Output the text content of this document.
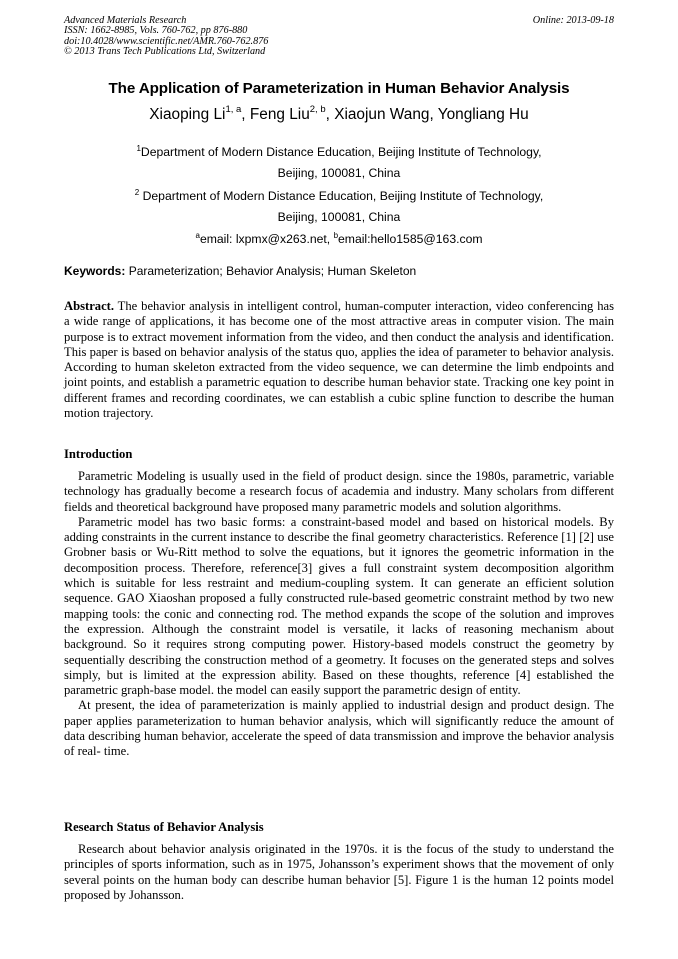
Advanced Materials Research
ISSN: 1662-8985, Vols. 760-762, pp 876-880
doi:10.4028/www.scientific.net/AMR.760-762.876
© 2013 Trans Tech Publications Ltd, Switzerland
Online: 2013-09-18
The Application of Parameterization in Human Behavior Analysis
Xiaoping Li$^{1, a}$, Feng Liu$^{2, b}$, Xiaojun Wang, Yongliang Hu
$^1$Department of Modern Distance Education, Beijing Institute of Technology,
Beijing, 100081, China
$^2$ Department of Modern Distance Education, Beijing Institute of Technology,
Beijing, 100081, China
$^a$email: lxpmx@x263.net, $^b$email:hello1585@163.com
Keywords: Parameterization; Behavior Analysis; Human Skeleton

Abstract. The behavior analysis in intelligent control, human-computer interaction, video conferencing has a wide range of applications, it has become one of the most attractive areas in computer vision. The main purpose is to extract movement information from the video, and then conduct the analysis and identification. This paper is based on behavior analysis of the status quo, applies the idea of parameter to behavior analysis. According to human skeleton extracted from the video sequence, we can determine the limb endpoints and joint points, and establish a parametric equation to describe human behavior state. Tracking one key point in different frames and recording coordinates, we can establish a cubic spline function to describe the human motion trajectory.

Introduction

Parametric Modeling is usually used in the field of product design. since the 1980s, parametric, variable technology has gradually become a research focus of academia and industry. Many scholars from different fields and theoretical background have proposed many parametric models and solution algorithms.

Parametric model has two basic forms: a constraint-based model and based on historical models. By adding constraints in the current instance to describe the final geometry characteristics. Reference [1] [2] use Grobner basis or Wu-Ritt method to solve the equations, but it ignores the geometric information in the decomposition process. Therefore, reference[3] gives a full constraint system decomposition algorithm which is suitable for less restraint and medium-coupling system. It can generate an efficient solution sequence. GAO Xiaoshan proposed a fully constructed rule-based geometric constraint method by two new mapping tools: the conic and connecting rod. The method expands the scope of the solution and improves the expression. Although the constraint model is versatile, it lacks of reasoning mechanism about background. So it requires strong computing power. History-based models construct the geometry by sequentially describing the construction method of a geometry. It focuses on the generated steps and solves simply, but is limited at the expression ability. Based on these thoughts, reference [4] established the parametric graph-base model. the model can easily support the parametric design of entity.

At present, the idea of parameterization is mainly applied to industrial design and product design. The paper applies parameterization to human behavior analysis, which will significantly reduce the amount of data describing human behavior, accelerate the speed of data transmission and improve the behavior analysis of real- time.

Research Status of Behavior Analysis

Research about behavior analysis originated in the 1970s. it is the focus of the study to understand the principles of sports information, such as in 1975, Johansson’s experiment shows that the movement of only several points on the human body can describe human behavior [5]. Figure 1 is the human 12 points model proposed by Johansson.
